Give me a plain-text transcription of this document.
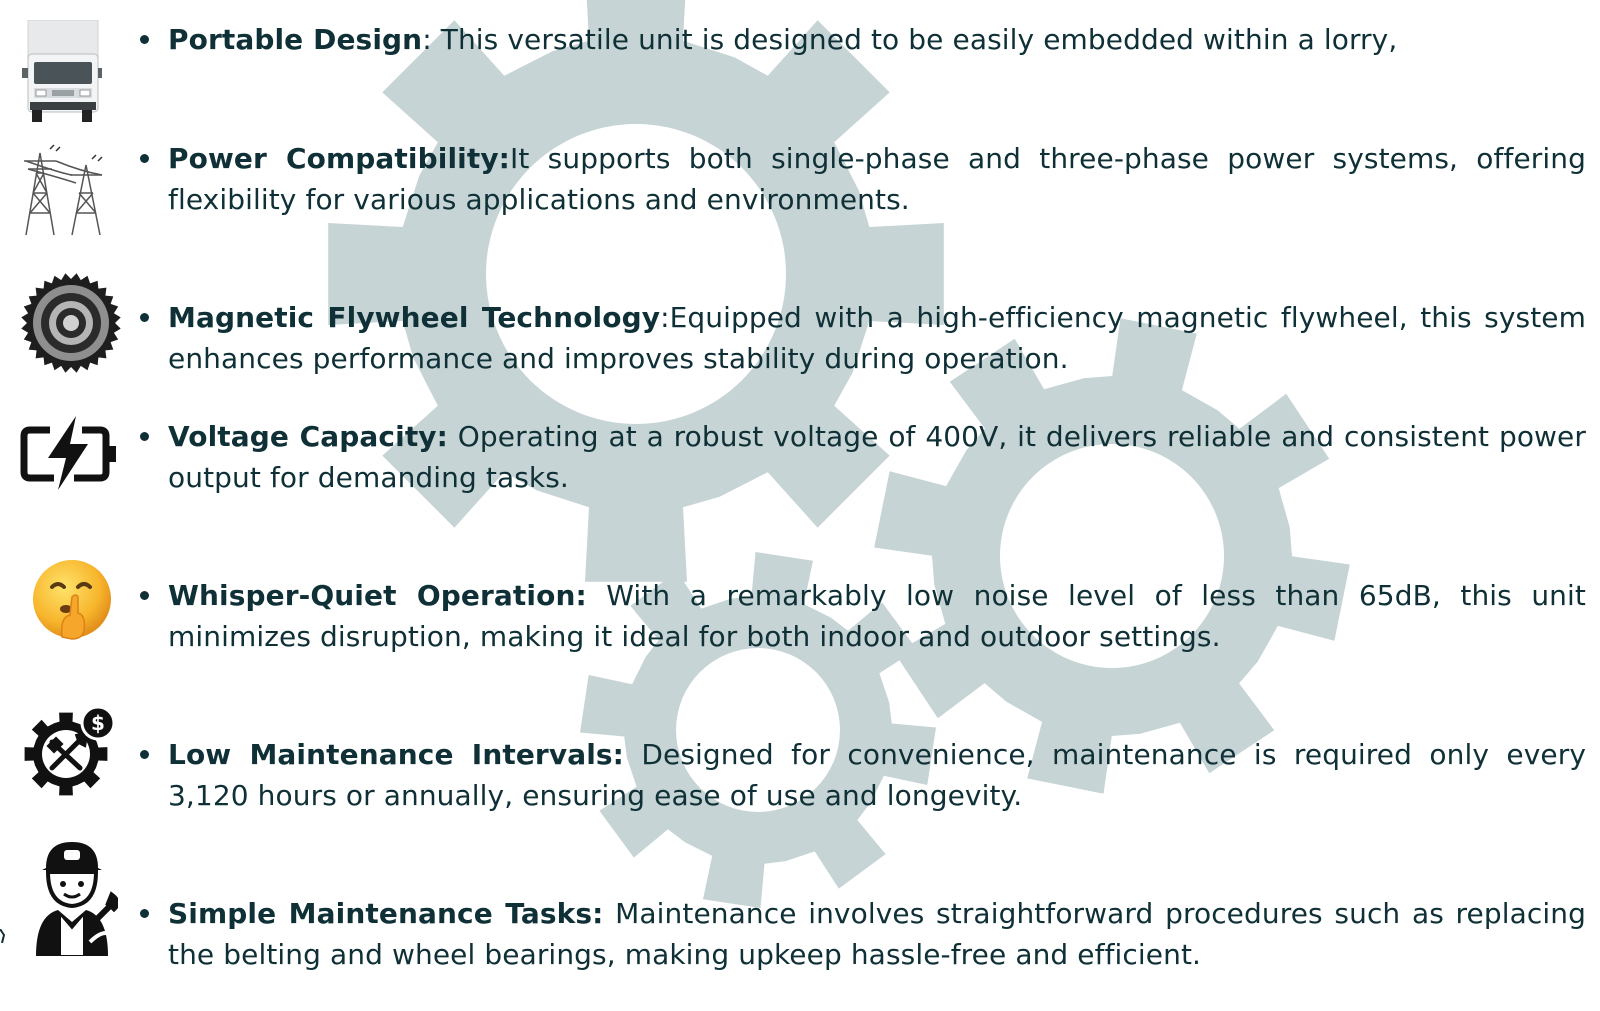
Portable Design: This versatile unit is designed to be easily embedded within a lorry,
Power Compatibility:It supports both single-phase and three-phase power systems, offering flexibility for various applications and environments.
Magnetic Flywheel Technology:Equipped with a high-efficiency magnetic flywheel, this system enhances performance and improves stability during operation.
Voltage Capacity: Operating at a robust voltage of 400V, it delivers reliable and consistent power output for demanding tasks.
Whisper-Quiet Operation: With a remarkably low noise level of less than 65dB, this unit minimizes disruption, making it ideal for both indoor and outdoor settings.
$
Low Maintenance Intervals: Designed for convenience, maintenance is required only every 3,120 hours or annually, ensuring ease of use and longevity.
Simple Maintenance Tasks: Maintenance involves straightforward procedures such as replacing the belting and wheel bearings, making upkeep hassle-free and efficient.
